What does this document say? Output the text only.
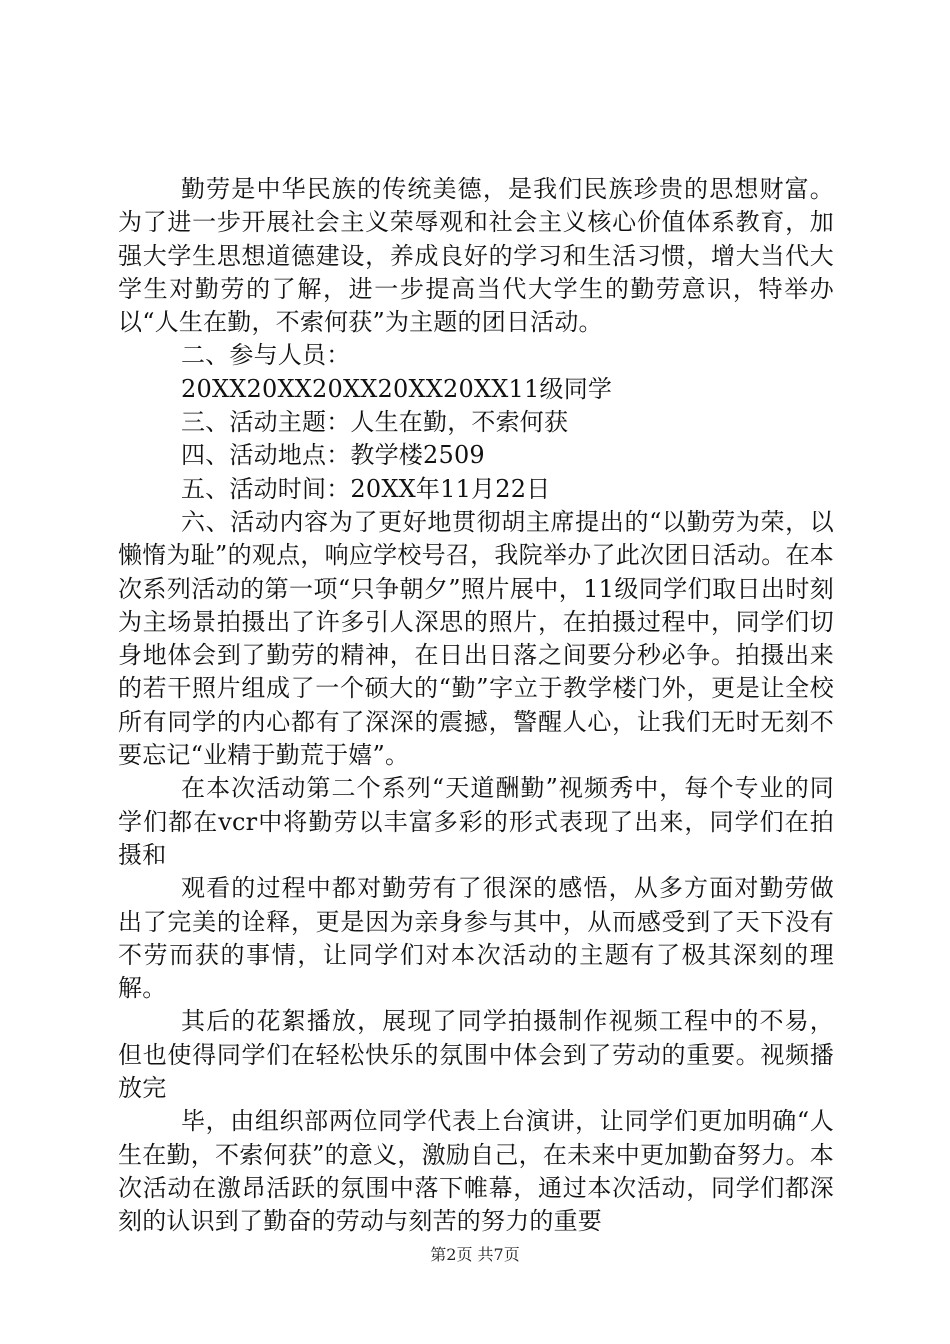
勤劳是中华民族的传统美德，是我们民族珍贵的思想财富。为了进一步开展社会主义荣辱观和社会主义核心价值体系教育，加强大学生思想道德建设，养成良好的学习和生活习惯，增大当代大学生对勤劳的了解，进一步提高当代大学生的勤劳意识，特举办以“人生在勤，不索何获”为主题的团日活动。

二、参与人员：

20XX20XX20XX20XX20XX11级同学

三、活动主题：人生在勤，不索何获

四、活动地点：教学楼2509

五、活动时间：20XX年11月22日

六、活动内容为了更好地贯彻胡主席提出的“以勤劳为荣，以懒惰为耻”的观点，响应学校号召，我院举办了此次团日活动。在本次系列活动的第一项“只争朝夕”照片展中，11级同学们取日出时刻为主场景拍摄出了许多引人深思的照片，在拍摄过程中，同学们切身地体会到了勤劳的精神，在日出日落之间要分秒必争。拍摄出来的若干照片组成了一个硕大的“勤”字立于教学楼门外，更是让全校所有同学的内心都有了深深的震撼，警醒人心，让我们无时无刻不要忘记“业精于勤荒于嬉”。

在本次活动第二个系列“天道酬勤”视频秀中，每个专业的同学们都在vcr中将勤劳以丰富多彩的形式表现了出来，同学们在拍摄和

观看的过程中都对勤劳有了很深的感悟，从多方面对勤劳做出了完美的诠释，更是因为亲身参与其中，从而感受到了天下没有不劳而获的事情，让同学们对本次活动的主题有了极其深刻的理解。

其后的花絮播放，展现了同学拍摄制作视频工程中的不易，但也使得同学们在轻松快乐的氛围中体会到了劳动的重要。视频播放完

毕，由组织部两位同学代表上台演讲，让同学们更加明确“人生在勤，不索何获”的意义，激励自己，在未来中更加勤奋努力。本次活动在激昂活跃的氛围中落下帷幕，通过本次活动，同学们都深刻的认识到了勤奋的劳动与刻苦的努力的重要

第2页 共7页
